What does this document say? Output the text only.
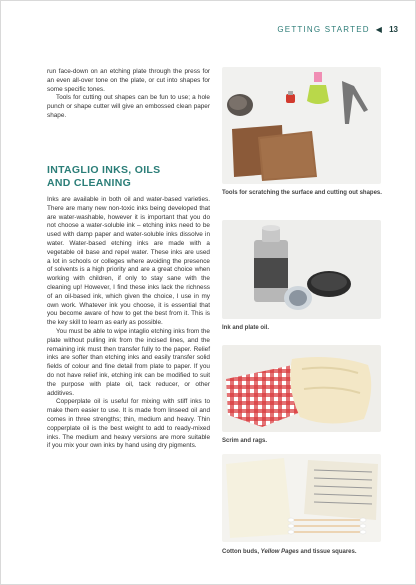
GETTING STARTED ◀ 13

run face-down on an etching plate through the press for an even all-over tone on the plate, or cut into shapes for some specific tones.

Tools for cutting out shapes can be fun to use; a hole punch or shape cutter will give an embossed clean paper shape.

INTAGLIO INKS, OILS
AND CLEANING

Inks are available in both oil and water-based varieties. There are many new non-toxic inks being developed that are water-washable, however it is important that you do not choose a water-soluble ink – etching inks need to be used with damp paper and water-soluble inks dissolve in water. Water-based etching inks are made with a vegetable oil base and repel water. These inks are used a lot in schools or colleges where avoiding the presence of solvents is a high priority and are a great choice when working with children, if only to stay sane with the cleaning up! However, I find these inks lack the richness of an oil-based ink, which given the choice, I use in my own work. Whatever ink you choose, it is essential that you become aware of how to get the best from it. This is the key skill to learn as early as possible.

You must be able to wipe intaglio etching inks from the plate without pulling ink from the incised lines, and the remaining ink must then transfer fully to the paper. Relief inks are softer than etching inks and easily transfer solid fields of colour and fine detail from plate to paper. If you do not have relief ink, etching ink can be modified to suit the purpose with plate oil, tack reducer, or other additives.

Copperplate oil is useful for mixing with stiff inks to make them easier to use. It is made from linseed oil and comes in three strengths; thin, medium and heavy. Thin copperplate oil is the best weight to add to ready-mixed inks. The medium and heavy versions are more suitable if you mix your own inks by hand using dry pigments.

Tools for scratching the surface and cutting out shapes.
Ink and plate oil.
Scrim and rags.
Cotton buds, Yellow Pages and tissue squares.
